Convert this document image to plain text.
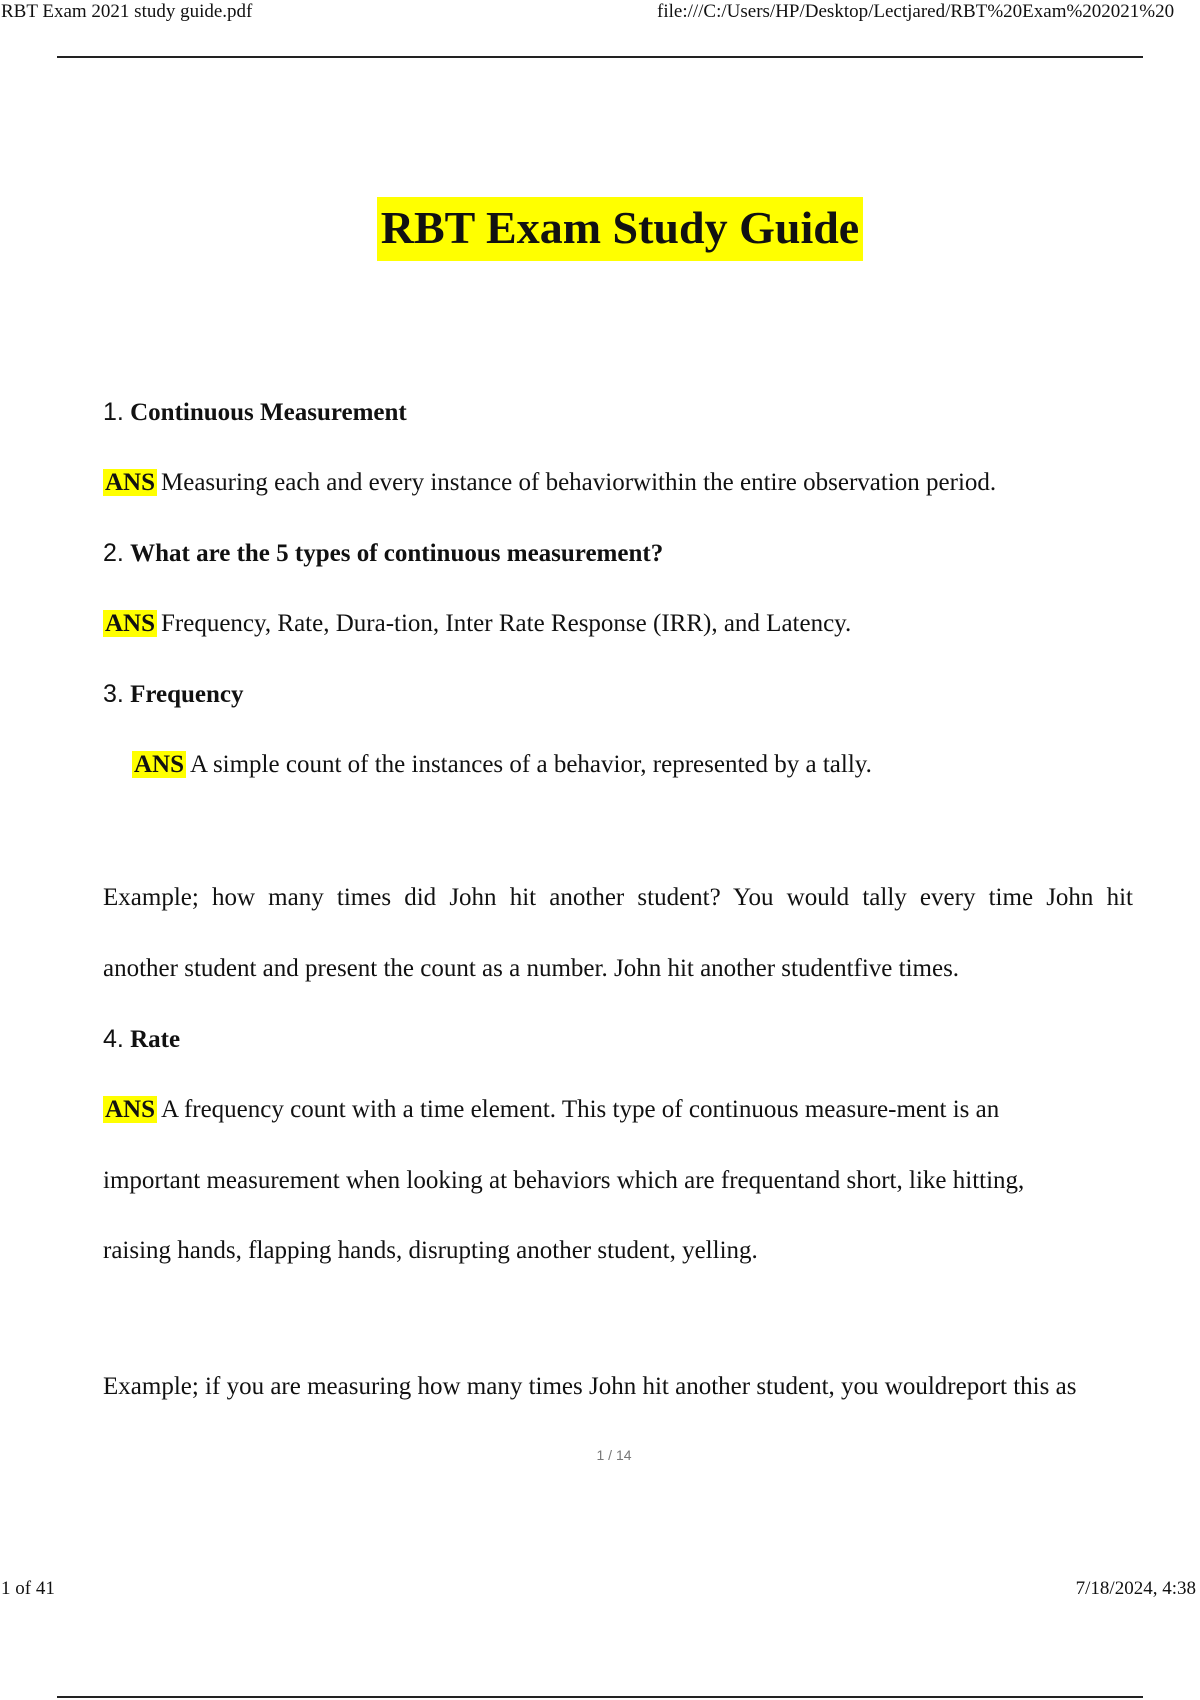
RBT Exam 2021 study guide.pdf	file:///C:/Users/HP/Desktop/Lectjared/RBT%20Exam%202021%20
RBT Exam Study Guide
1. Continuous Measurement
ANS Measuring each and every instance of behaviorwithin the entire observation period.
2. What are the 5 types of continuous measurement?
ANS Frequency, Rate, Dura-tion, Inter Rate Response (IRR), and Latency.
3. Frequency
ANS A simple count of the instances of a behavior, represented by a tally.
Example; how many times did John hit another student? You would tally every time John hit
another student and present the count as a number. John hit another studentfive times.
4. Rate
ANS A frequency count with a time element. This type of continuous measure-ment is an
important measurement when looking at behaviors which are frequentand short, like hitting,
raising hands, flapping hands, disrupting another student, yelling.
Example; if you are measuring how many times John hit another student, you wouldreport this as
1 / 14
1 of 41	7/18/2024, 4:38
